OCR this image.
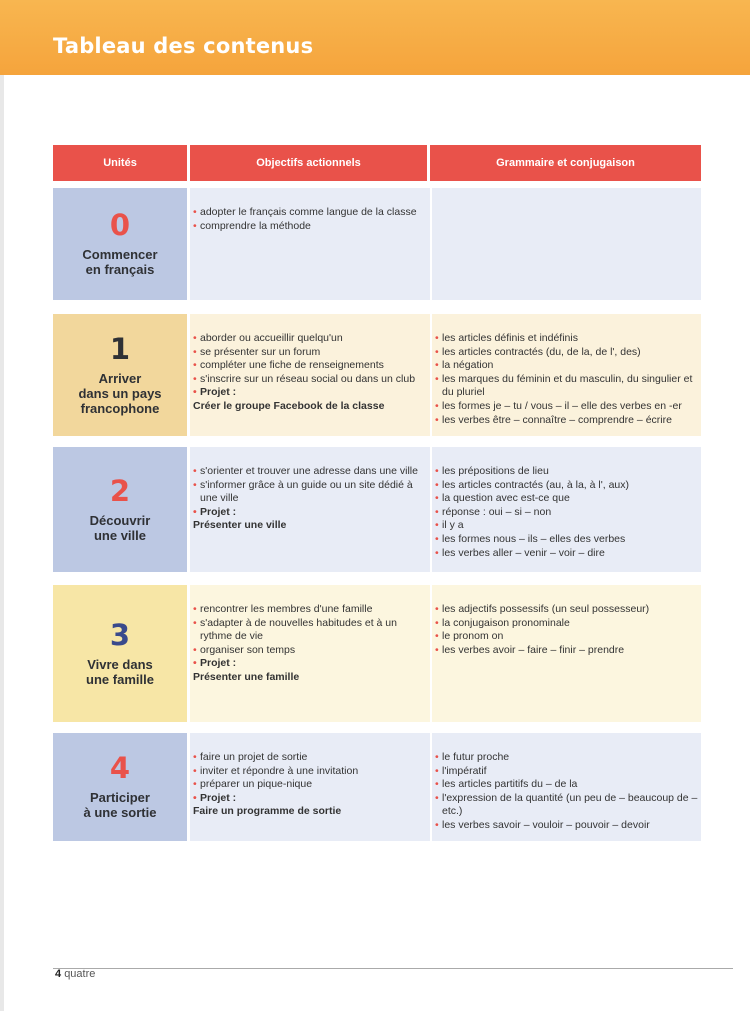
Tableau des contenus
Unités	Objectifs actionnels	Grammaire et conjugaison
0
Commencer
en français
• adopter le français comme langue de la classe
• comprendre la méthode
1
Arriver
dans un pays
francophone
• aborder ou accueillir quelqu'un
• se présenter sur un forum
• compléter une fiche de renseignements
• s'inscrire sur un réseau social ou dans un club
• Projet :
Créer le groupe Facebook de la classe
• les articles définis et indéfinis
• les articles contractés (du, de la, de l', des)
• la négation
• les marques du féminin et du masculin, du singulier et du pluriel
• les formes je – tu / vous – il – elle des verbes en -er
• les verbes être – connaître – comprendre – écrire
2
Découvrir
une ville
• s'orienter et trouver une adresse dans une ville
• s'informer grâce à un guide ou un site dédié à une ville
• Projet :
Présenter une ville
• les prépositions de lieu
• les articles contractés (au, à la, à l', aux)
• la question avec est-ce que
• réponse : oui – si – non
• il y a
• les formes nous – ils – elles des verbes
• les verbes aller – venir – voir – dire
3
Vivre dans
une famille
• rencontrer les membres d'une famille
• s'adapter à de nouvelles habitudes et à un rythme de vie
• organiser son temps
• Projet :
Présenter une famille
• les adjectifs possessifs (un seul possesseur)
• la conjugaison pronominale
• le pronom on
• les verbes avoir – faire – finir – prendre
4
Participer
à une sortie
• faire un projet de sortie
• inviter et répondre à une invitation
• préparer un pique-nique
• Projet :
Faire un programme de sortie
• le futur proche
• l'impératif
• les articles partitifs du – de la
• l'expression de la quantité (un peu de – beaucoup de – etc.)
• les verbes savoir – vouloir – pouvoir – devoir
4 quatre
